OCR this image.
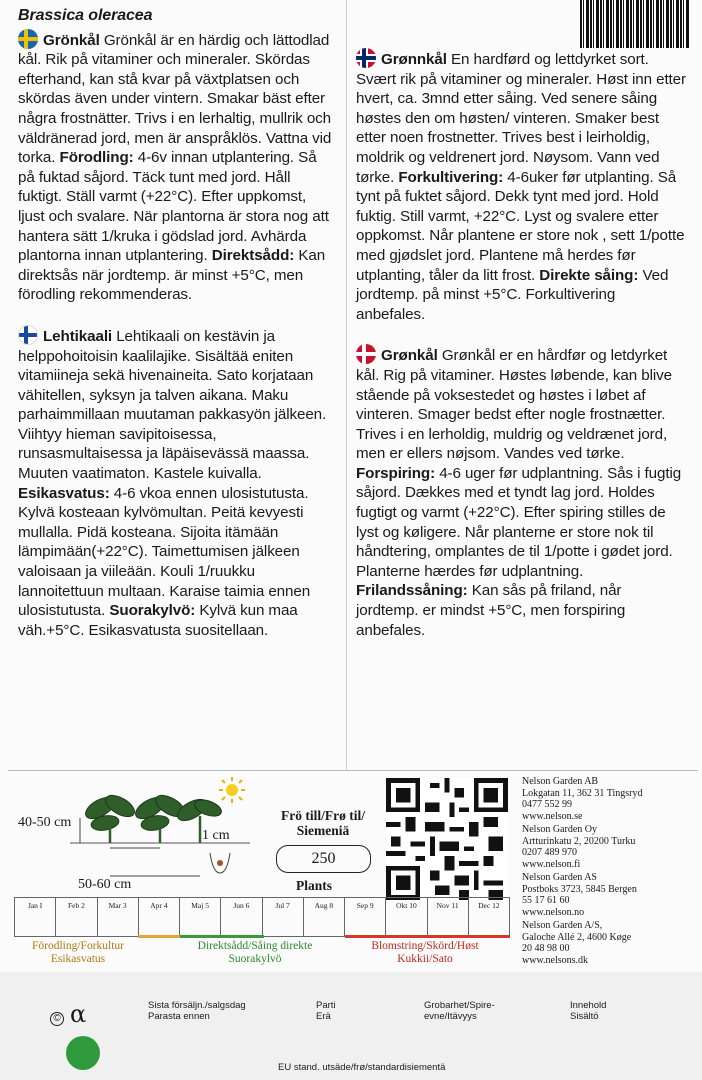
Brassica oleracea
Grönkål Grönkål är en härdig och lättodlad kål. Rik på vitaminer och mineraler. Skördas efterhand, kan stå kvar på växtplatsen och skördas även under vintern. Smakar bäst efter några frostnätter. Trivs i en lerhaltig, mullrik och väldränerad jord, men är anspråklös. Vattna vid torka. Förodling: 4-6v innan utplantering. Så på fuktad såjord. Täck tunt med jord. Håll fuktigt. Ställ varmt (+22°C). Efter uppkomst, ljust och svalare. När plantorna är stora nog att hantera sätt 1/kruka i gödslad jord. Avhärda plantorna innan utplantering. Direktsådd: Kan direktsås när jordtemp. är minst +5°C, men förodling rekommenderas.
Lehtikaali Lehtikaali on kestävin ja helppohoitoisin kaalilajike. Sisältää eniten vitamiineja sekä hivenaineita. Sato korjataan vähitellen, syksyn ja talven aikana. Maku parhaimmillaan muutaman pakkasyön jälkeen. Viihtyy hieman savipitoisessa, runsasmultaisessa ja läpäisevässä maassa. Muuten vaatimaton. Kastele kuivalla. Esikasvatus: 4-6 vkoa ennen ulosistutusta. Kylvä kosteaan kylvömultan. Peitä kevyesti mullalla. Pidä kosteana. Sijoita itämään lämpimään(+22°C). Taimettumisen jälkeen valoisaan ja viileään. Kouli 1/ruukku lannoitettuun multaan. Karaise taimia ennen ulosistutusta. Suorakylvö: Kylvä kun maa väh.+5°C. Esikasvatusta suositellaan.
Grønnkål En hardførd og lettdyrket sort. Svært rik på vitaminer og mineraler. Høst inn etter hvert, ca. 3mnd etter såing. Ved senere såing høstes den om høsten/ vinteren. Smaker best etter noen frostnetter. Trives best i leirholdig, moldrik og veldrenert jord. Nøysom. Vann ved tørke. Forkultivering: 4-6uker før utplanting. Så tynt på fuktet såjord. Dekk tynt med jord. Hold fuktig. Still varmt, +22°C. Lyst og svalere etter oppkomst. Når plantene er store nok , sett 1/potte med gjødslet jord. Plantene må herdes før utplanting, tåler da litt frost. Direkte såing: Ved jordtemp. på minst +5°C. Forkultivering anbefales.
Grønkål Grønkål er en hårdfør og letdyrket kål. Rig på vitaminer. Høstes løbende, kan blive stående på voksestedet og høstes i løbet af vinteren. Smager bedst efter nogle frostnætter. Trives i en lerholdig, muldrig og veldrænet jord, men er ellers nøjsom. Vandes ved tørke. Forspiring: 4-6 uger før udplantning. Sås i fugtig såjord. Dækkes med et tyndt lag jord. Holdes fugtigt og varmt (+22°C). Efter spiring stilles de lyst og køligere. Når planterne er store nok til håndtering, omplantes de til 1/potte i gødet jord. Planterne hærdes før udplantning. Frilandssåning: Kan sås på friland, når jordtemp. er mindst +5°C, men forspiring anbefales.
40-50 cm
1 cm
50-60 cm
Frö till/Frø til/ Siemeniä
250
Plants
Nelson Garden AB
Lokgatan 11, 362 31 Tingsryd
0477 552 99
www.nelson.se
Nelson Garden Oy
Artturinkatu 2, 20200 Turku
0207 489 970
www.nelson.fi
Nelson Garden AS
Postboks 3723, 5845 Bergen
55 17 61 60
www.nelson.no
Nelson Garden A/S,
Galoche Allé 2, 4600 Køge
20 48 98 00
www.nelsons.dk
Jan I	Feb 2	Mar 3	Apr 4	Maj 5	Jun 6	Jul 7	Aug 8	Sep 9	Okt 10	Nov 11	Dec 12
Förodling/Forkultur
Esikasvatus
Direktsådd/Såing direkte
Suorakylvö
Blomstring/Skörd/Høst
Kukkii/Sato
© α	Sista försäljn./salgsdag
Parasta ennen
Parti
Erä
Grobarhet/Spire-
evne/Itävyys
Innehold
Sisältö
EU stand. utsäde/frø/standardisiementä
